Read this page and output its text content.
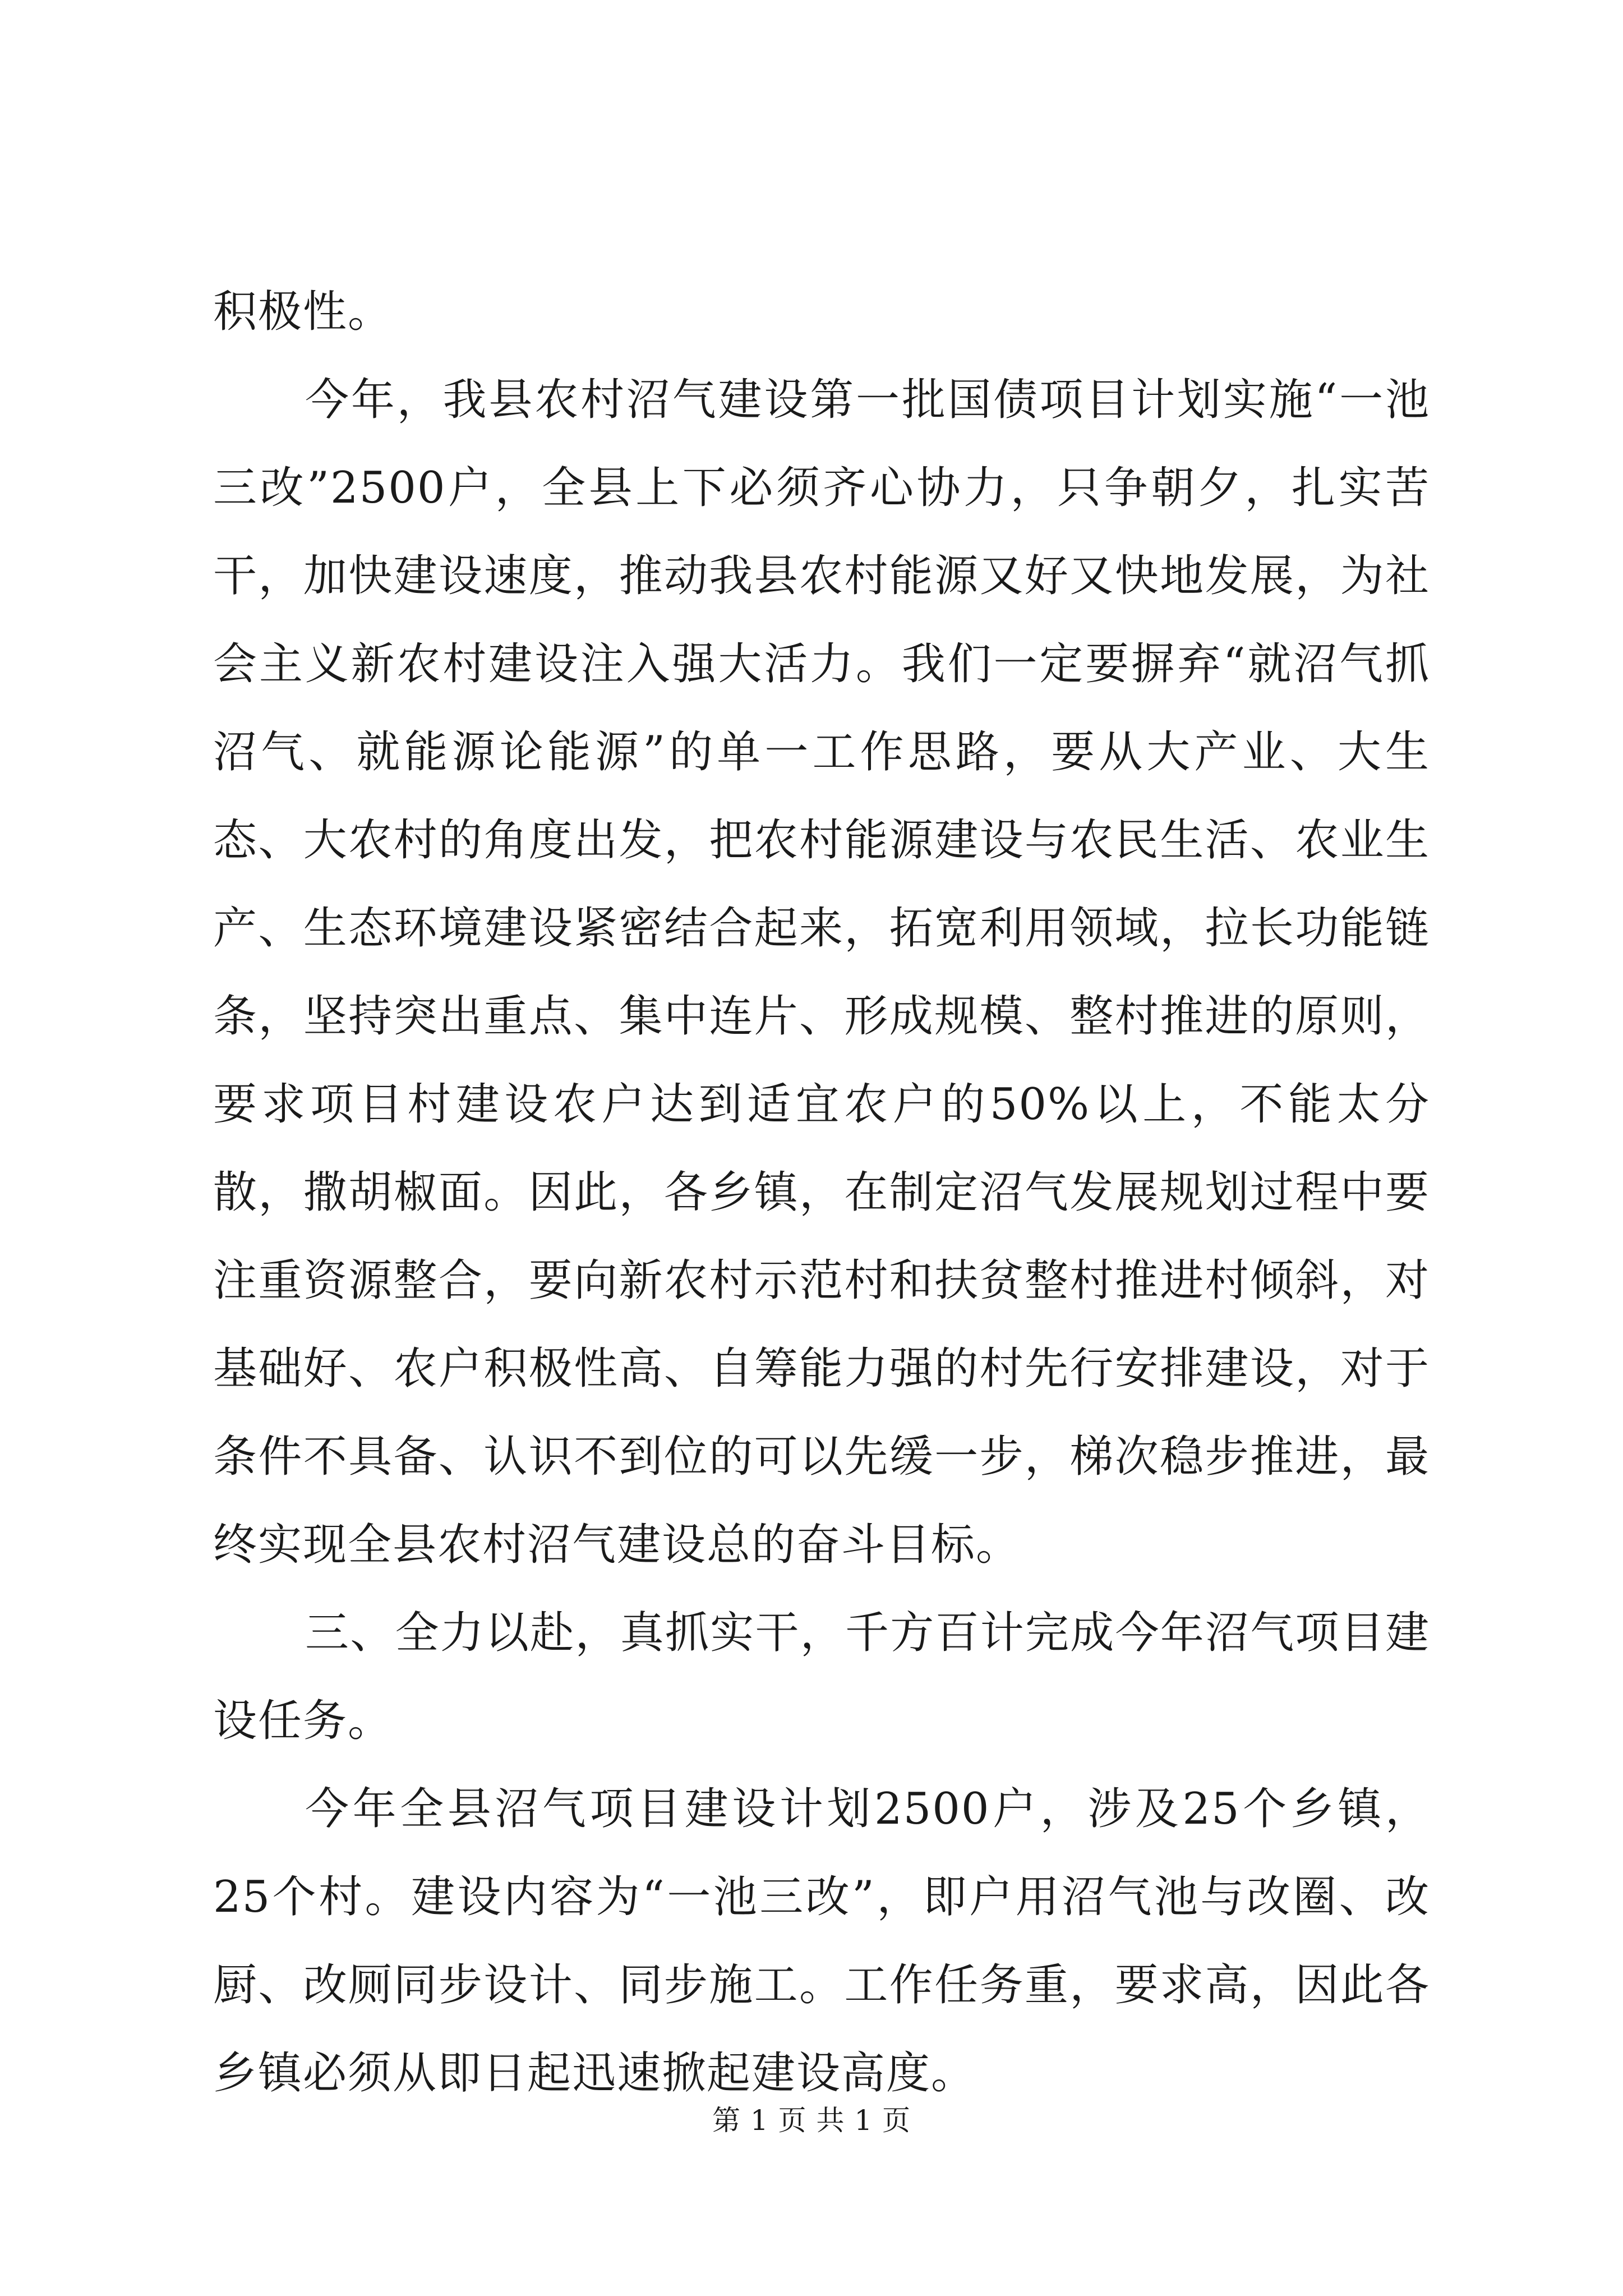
积极性。

今年，我县农村沼气建设第一批国债项目计划实施“一池三改”2500户，全县上下必须齐心协力，只争朝夕，扎实苦干，加快建设速度，推动我县农村能源又好又快地发展，为社会主义新农村建设注入强大活力。我们一定要摒弃“就沼气抓沼气、就能源论能源”的单一工作思路，要从大产业、大生态、大农村的角度出发，把农村能源建设与农民生活、农业生产、生态环境建设紧密结合起来，拓宽利用领域，拉长功能链条，坚持突出重点、集中连片、形成规模、整村推进的原则，要求项目村建设农户达到适宜农户的50%以上，不能太分散，撒胡椒面。因此，各乡镇，在制定沼气发展规划过程中要注重资源整合，要向新农村示范村和扶贫整村推进村倾斜，对基础好、农户积极性高、自筹能力强的村先行安排建设，对于条件不具备、认识不到位的可以先缓一步，梯次稳步推进，最终实现全县农村沼气建设总的奋斗目标。

三、全力以赴，真抓实干，千方百计完成今年沼气项目建设任务。

今年全县沼气项目建设计划2500户，涉及25个乡镇，25个村。建设内容为“一池三改”，即户用沼气池与改圈、改厨、改厕同步设计、同步施工。工作任务重，要求高，因此各乡镇必须从即日起迅速掀起建设高度。

第 1 页 共 1 页
